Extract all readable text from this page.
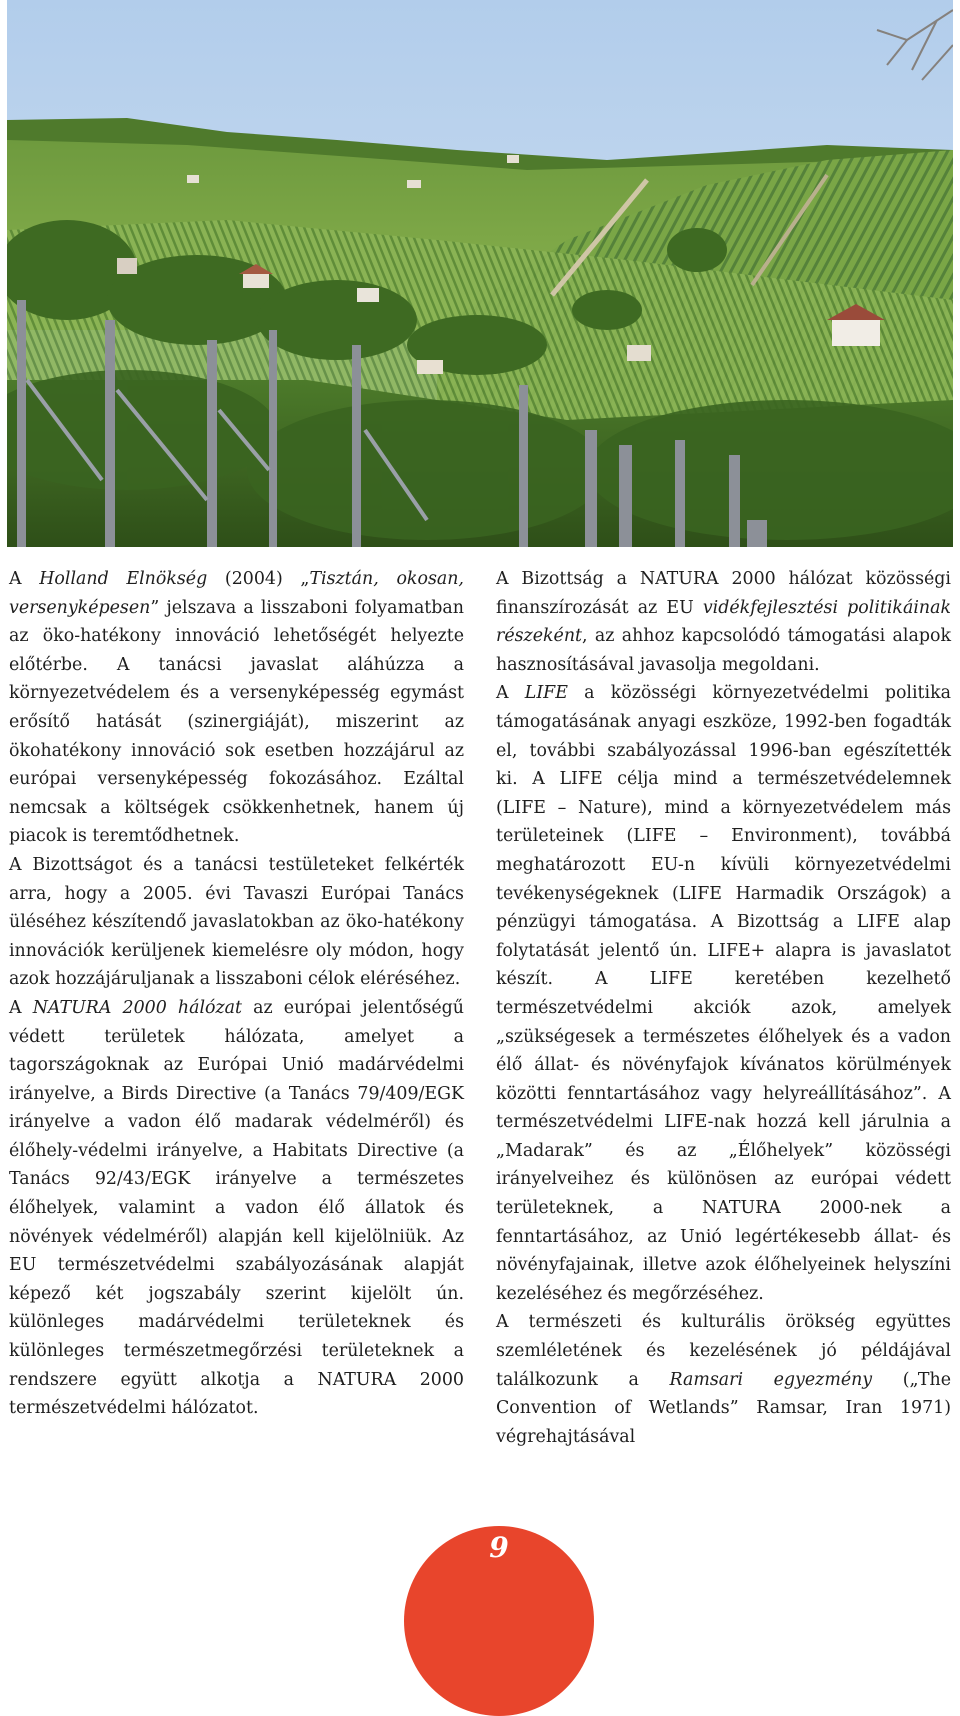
A Holland Elnökség (2004) „Tisztán, okosan, versenyképesen” jelszava a lisszaboni folyamatban az öko-hatékony innováció lehetőségét helyezte előtérbe. A tanácsi javaslat aláhúzza a környezetvédelem és a versenyképesség egymást erősítő hatását (szinergiáját), miszerint az ökohatékony innováció sok esetben hozzájárul az európai versenyképesség fokozásához. Ezáltal nemcsak a költségek csökkenhetnek, hanem új piacok is teremtődhetnek.

A Bizottságot és a tanácsi testületeket felkérték arra, hogy a 2005. évi Tavaszi Európai Tanács üléséhez készítendő javaslatokban az öko-hatékony innovációk kerüljenek kiemelésre oly módon, hogy azok hozzájáruljanak a lisszaboni célok eléréséhez.

A NATURA 2000 hálózat az európai jelentőségű védett területek hálózata, amelyet a tagországoknak az Európai Unió madárvédelmi irányelve, a Birds Directive (a Tanács 79/409/EGK irányelve a vadon élő madarak védelméről) és élőhely-védelmi irányelve, a Habitats Directive (a Tanács 92/43/EGK irányelve a természetes élőhelyek, valamint a vadon élő állatok és növények védelméről) alapján kell kijelölniük. Az EU természetvédelmi szabályozásának alapját képező két jogszabály szerint kijelölt ún. különleges madárvédelmi területeknek és különleges természetmegőrzési területeknek a rendszere együtt alkotja a NATURA 2000 természetvédelmi hálózatot.

A Bizottság a NATURA 2000 hálózat közösségi finanszírozását az EU vidékfejlesztési politikáinak részeként, az ahhoz kapcsolódó támogatási alapok hasznosításával javasolja megoldani.

A LIFE a közösségi környezetvédelmi politika támogatásának anyagi eszköze, 1992-ben fogadták el, további szabályozással 1996-ban egészítették ki. A LIFE célja mind a természetvédelemnek (LIFE – Nature), mind a környezetvédelem más területeinek (LIFE – Environment), továbbá meghatározott EU-n kívüli környezetvédelmi tevékenységeknek (LIFE Harmadik Országok) a pénzügyi támogatása. A Bizottság a LIFE alap folytatását jelentő ún. LIFE+ alapra is javaslatot készít. A LIFE keretében kezelhető természetvédelmi akciók azok, amelyek „szükségesek a természetes élőhelyek és a vadon élő állat- és növényfajok kívánatos körülmények közötti fenntartásához vagy helyreállításához”. A természetvédelmi LIFE-nak hozzá kell járulnia a „Madarak” és az „Élőhelyek” közösségi irányelveihez és különösen az európai védett területeknek, a NATURA 2000-nek a fenntartásához, az Unió legértékesebb állat- és növényfajainak, illetve azok élőhelyeinek helyszíni kezeléséhez és megőrzéséhez.

A természeti és kulturális örökség együttes szemléletének és kezelésének jó példájával találkozunk a Ramsari egyezmény („The Convention of Wetlands” Ramsar, Iran 1971) végrehajtásával

9
